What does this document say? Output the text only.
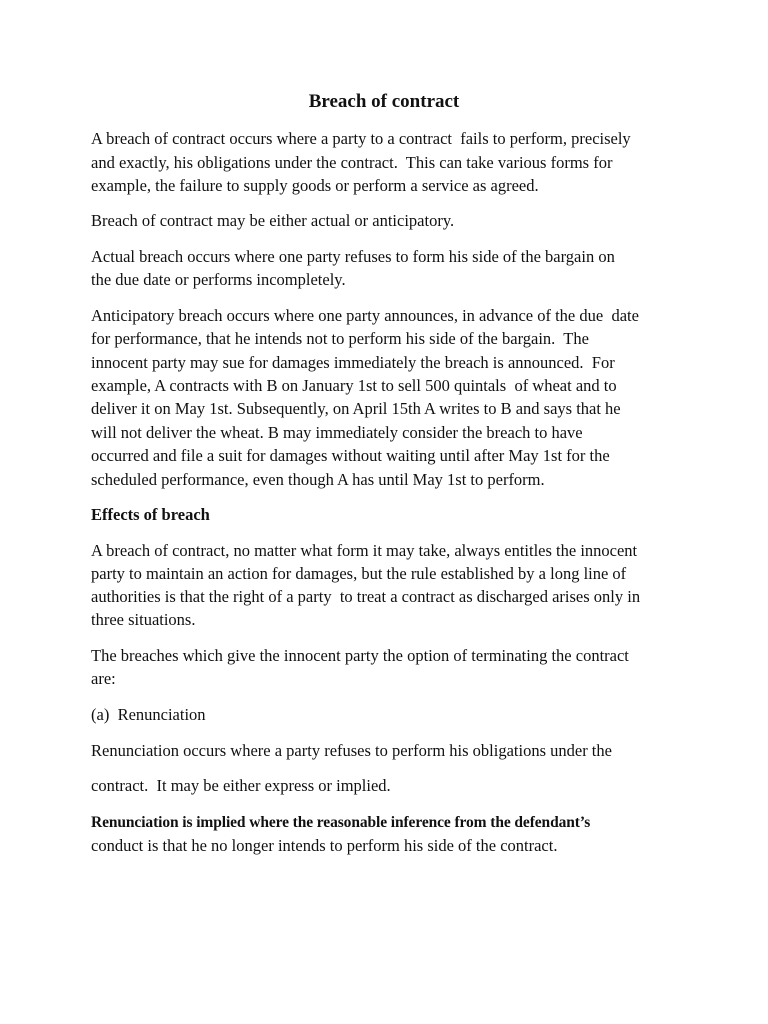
Breach of contract

A breach of contract occurs where a party to a contract  fails to perform, precisely

and exactly, his obligations under the contract.  This can take various forms for

example, the failure to supply goods or perform a service as agreed.

Breach of contract may be either actual or anticipatory.

Actual breach occurs where one party refuses to form his side of the bargain on

the due date or performs incompletely.

Anticipatory breach occurs where one party announces, in advance of the due  date

for performance, that he intends not to perform his side of the bargain.  The

innocent party may sue for damages immediately the breach is announced.  For

example, A contracts with B on January 1st to sell 500 quintals  of wheat and to

deliver it on May 1st. Subsequently, on April 15th A writes to B and says that he

will not deliver the wheat. B may immediately consider the breach to have

occurred and file a suit for damages without waiting until after May 1st for the

scheduled performance, even though A has until May 1st to perform.

Effects of breach

A breach of contract, no matter what form it may take, always entitles the innocent

party to maintain an action for damages, but the rule established by a long line of

authorities is that the right of a party  to treat a contract as discharged arises only in

three situations.

The breaches which give the innocent party the option of terminating the contract

are:

(a)  Renunciation

Renunciation occurs where a party refuses to perform his obligations under the

contract.  It may be either express or implied.

Renunciation is implied where the reasonable inference from the defendant’s

conduct is that he no longer intends to perform his side of the contract.
